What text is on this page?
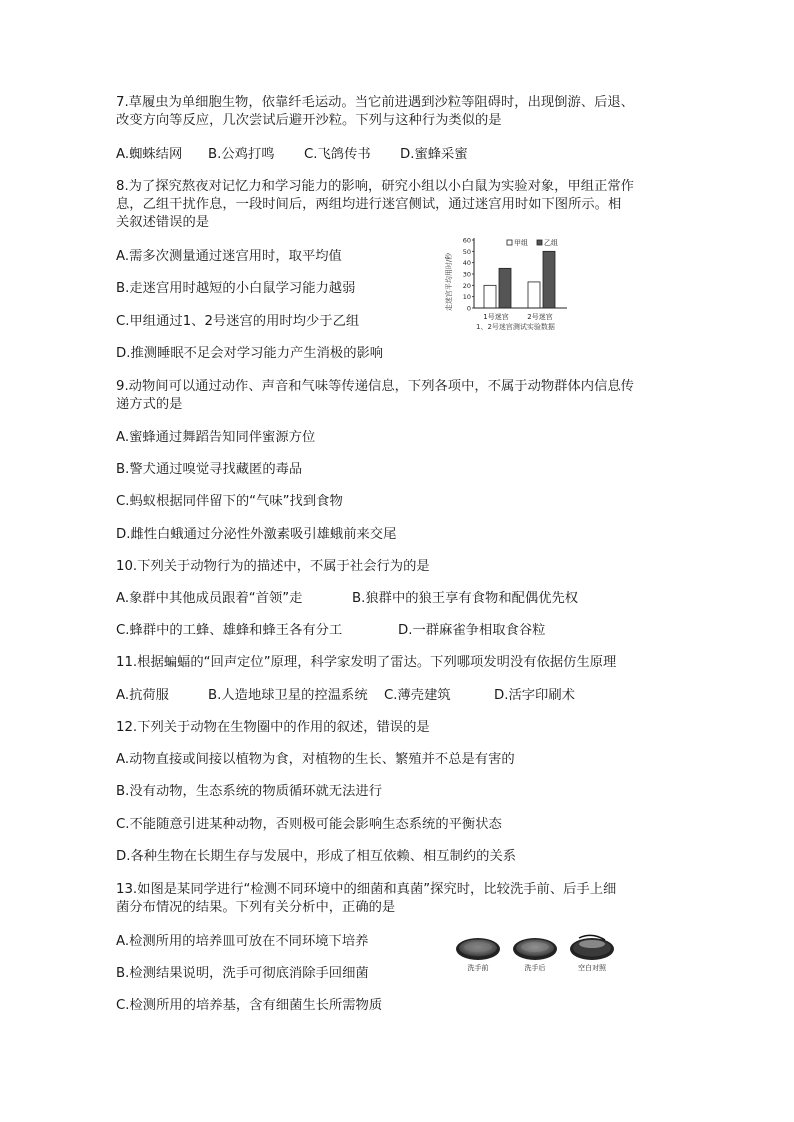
7.草履虫为单细胞生物，依靠纤毛运动。当它前进遇到沙粒等阻碍时，出现倒游、后退、
改变方向等反应，几次尝试后避开沙粒。下列与这种行为类似的是
A.蜘蛛结网 B.公鸡打鸣 C.飞鸽传书 D.蜜蜂采蜜
8.为了探究熬夜对记忆力和学习能力的影响，研究小组以小白鼠为实验对象，甲组正常作
息，乙组干扰作息，一段时间后，两组均进行迷宫侧试，通过迷宫用时如下图所示。相
关叙述错误的是
A.需多次测量通过迷宫用时，取平均值
B.走迷宫用时越短的小白鼠学习能力越弱
C.甲组通过1、2号迷宫的用时均少于乙组
D.推测睡眠不足会对学习能力产生消极的影响
走迷宫平均用时/秒 0
10
20
30
40
50
60	甲组 乙组
1号迷宫	2号迷宫
1、2号迷宫测试实验数据
9.动物间可以通过动作、声音和气味等传递信息，下列各项中，不属于动物群体内信息传
递方式的是
A.蜜蜂通过舞蹈告知同伴蜜源方位
B.警犬通过嗅觉寻找藏匿的毒品
C.蚂蚁根据同伴留下的“气味”找到食物
D.雌性白蛾通过分泌性外激素吸引雄蛾前来交尾
10.下列关于动物行为的描述中，不属于社会行为的是
A.象群中其他成员跟着“首领”走	B.狼群中的狼王享有食物和配偶优先权
C.蜂群中的工蜂、雄蜂和蜂王各有分工	D.一群麻雀争相取食谷粒
11.根据蝙蝠的“回声定位”原理，科学家发明了雷达。下列哪项发明没有依据仿生原理
A.抗荷服	B.人造地球卫星的控温系统 C.薄壳建筑	D.活字印刷术
12.下列关于动物在生物圈中的作用的叙述，错误的是
A.动物直接或间接以植物为食，对植物的生长、繁殖并不总是有害的
B.没有动物，生态系统的物质循环就无法进行
C.不能随意引进某种动物，否则极可能会影响生态系统的平衡状态
D.各种生物在长期生存与发展中，形成了相互依赖、相互制约的关系
13.如图是某同学进行“检测不同环境中的细菌和真菌”探究时，比较洗手前、后手上细
菌分布情况的结果。下列有关分析中，正确的是
A.检测所用的培养皿可放在不同环境下培养
B.检测结果说明，洗手可彻底消除手回细菌
C.检测所用的培养基，含有细菌生长所需物质
洗手前	洗手后	空白对照
